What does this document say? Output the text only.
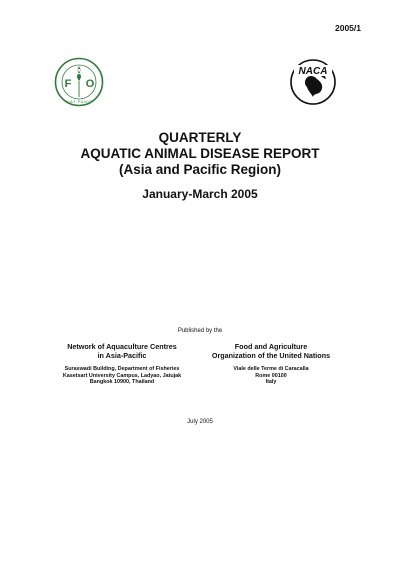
2005/1
F
A
O
FIAT PANIS
NACA
QUARTERLY
AQUATIC ANIMAL DISEASE REPORT
(Asia and Pacific Region)
January-March 2005
Published by the
Network of Aquaculture Centres
in Asia-Pacific
Suraswadi Building, Department of Fisheries
Kasetsart University Campus, Ladyao, Jatujak
Bangkok 10900, Thailand
Food and Agriculture
Organization of the United Nations
Viale delle Terme di Caracalla
Rome 00100
Italy
July 2005
